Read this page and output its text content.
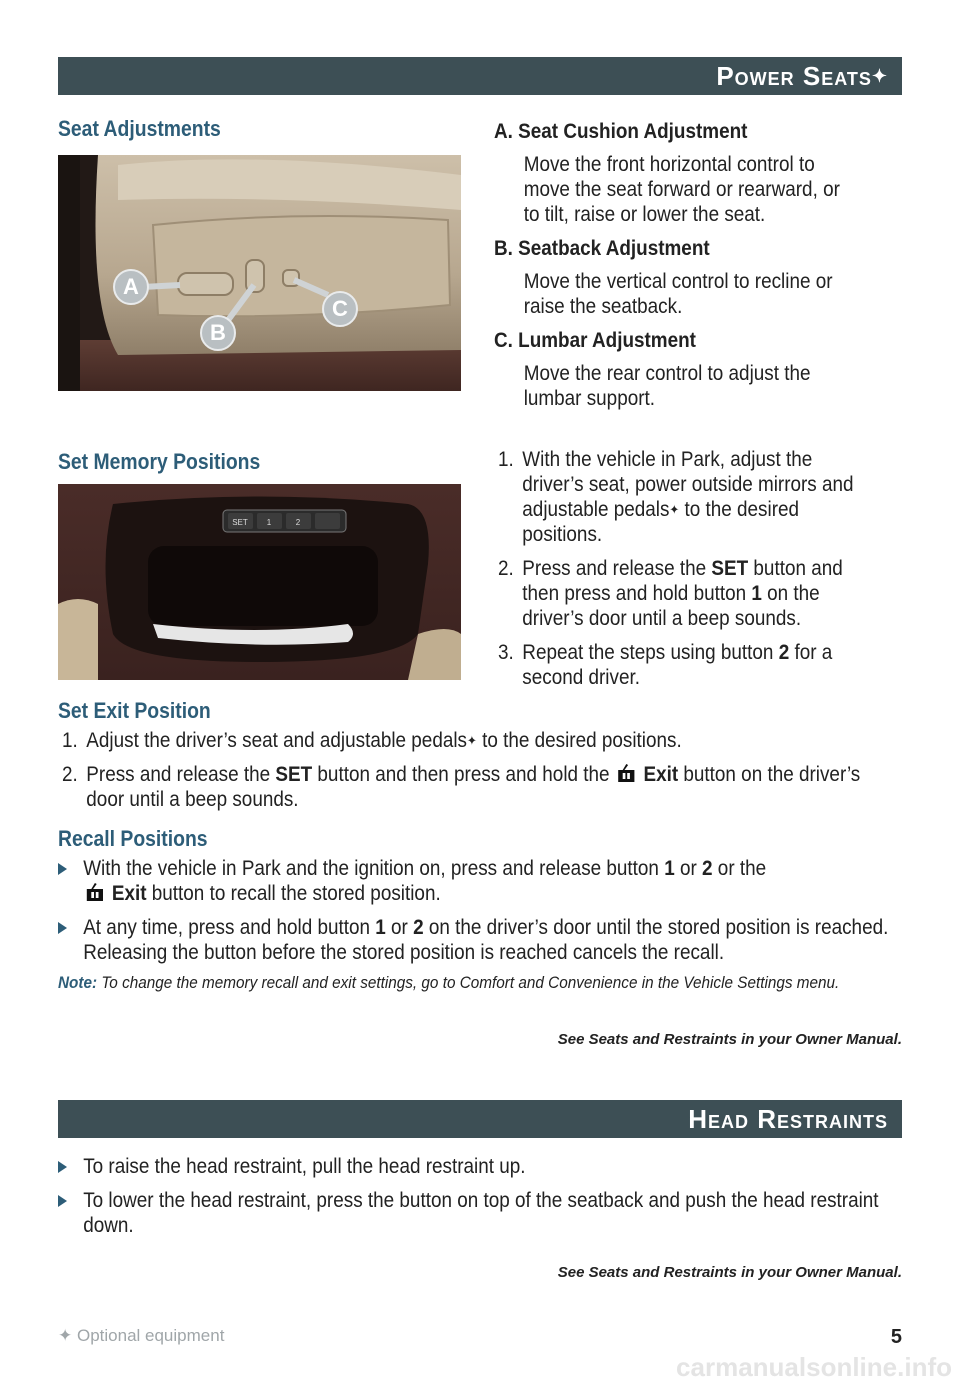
Power Seats✦
Seat Adjustments
A
B
C
A. Seat Cushion Adjustment
Move the front horizontal control to move the seat forward or rearward, or to tilt, raise or lower the seat.
B. Seatback Adjustment
Move the vertical control to recline or raise the seatback.
C. Lumbar Adjustment
Move the rear control to adjust the lumbar support.
Set Memory Positions
SET 1	2
1. With the vehicle in Park, adjust the driver’s seat, power outside mirrors and adjustable pedals✦ to the desired positions.
2. Press and release the SET button and then press and hold button 1 on the driver’s door until a beep sounds.
3. Repeat the steps using button 2 for a second driver.
Set Exit Position
1. Adjust the driver’s seat and adjustable pedals✦ to the desired positions.
2. Press and release the SET button and then press and hold the  Exit button on the driver’s door until a beep sounds.
Recall Positions
With the vehicle in Park and the ignition on, press and release button 1 or 2 or the
Exit button to recall the stored position.
At any time, press and hold button 1 or 2 on the driver’s door until the stored position is reached. Releasing the button before the stored position is reached cancels the recall.
Note: To change the memory recall and exit settings, go to Comfort and Convenience in the Vehicle Settings menu.
See Seats and Restraints in your Owner Manual.
Head Restraints
To raise the head restraint, pull the head restraint up.
To lower the head restraint, press the button on top of the seatback and push the head restraint down.
See Seats and Restraints in your Owner Manual.
✦ Optional equipment	5
carmanualsonline.info
